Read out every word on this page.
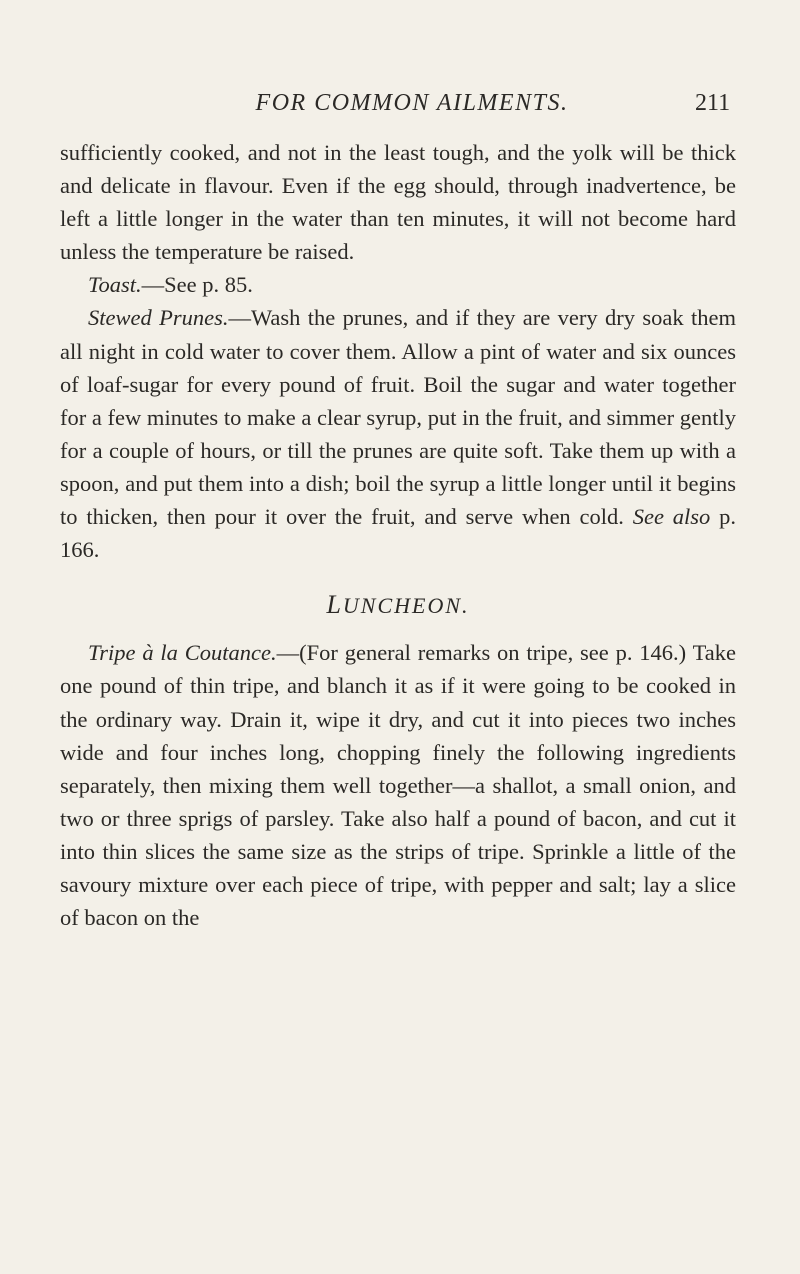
FOR COMMON AILMENTS.	211

sufficiently cooked, and not in the least tough, and the yolk will be thick and delicate in flavour. Even if the egg should, through inadvertence, be left a little longer in the water than ten minutes, it will not become hard unless the temperature be raised.

Toast.—See p. 85.

Stewed Prunes.—Wash the prunes, and if they are very dry soak them all night in cold water to cover them. Allow a pint of water and six ounces of loaf-sugar for every pound of fruit. Boil the sugar and water together for a few minutes to make a clear syrup, put in the fruit, and simmer gently for a couple of hours, or till the prunes are quite soft. Take them up with a spoon, and put them into a dish; boil the syrup a little longer until it begins to thicken, then pour it over the fruit, and serve when cold. See also p. 166.

LUNCHEON.

Tripe à la Coutance.—(For general remarks on tripe, see p. 146.) Take one pound of thin tripe, and blanch it as if it were going to be cooked in the ordinary way. Drain it, wipe it dry, and cut it into pieces two inches wide and four inches long, chopping finely the following ingredients separately, then mixing them well together—a shallot, a small onion, and two or three sprigs of parsley. Take also half a pound of bacon, and cut it into thin slices the same size as the strips of tripe. Sprinkle a little of the savoury mixture over each piece of tripe, with pepper and salt; lay a slice of bacon on the
